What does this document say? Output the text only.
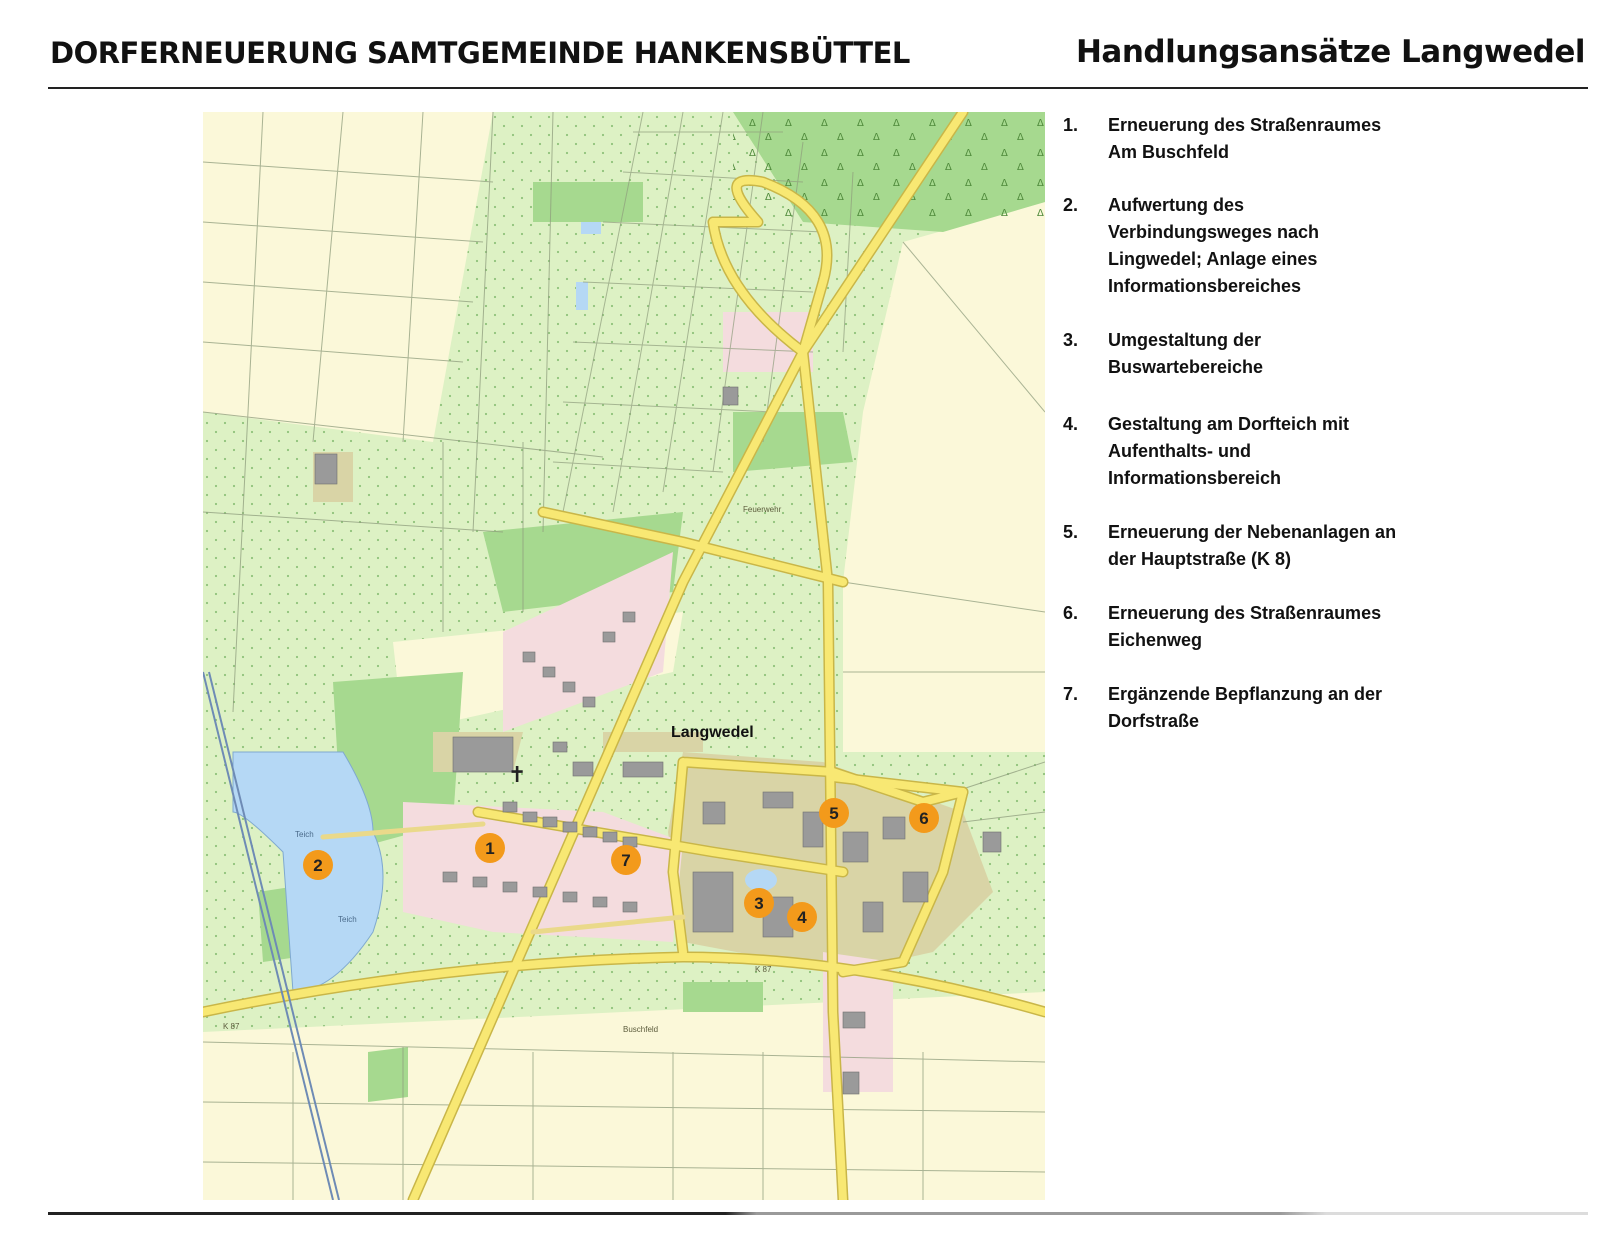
DORFERNEUERUNG SAMTGEMEINDE HANKENSBÜTTEL	Handlungsansätze Langwedel
Langwedel
K 87
K 87
Buschfeld
Feuerwehr
Teich
Teich
✝
1
2
3
4
5	6
7
1. Erneuerung des Straßenraumes
Am Buschfeld
2. Aufwertung des
Verbindungsweges nach
Lingwedel; Anlage eines
Informationsbereiches
3. Umgestaltung der
Buswartebereiche
4. Gestaltung am Dorfteich mit
Aufenthalts- und
Informationsbereich
5. Erneuerung der Nebenanlagen an
der Hauptstraße (K 8)
6. Erneuerung des Straßenraumes
Eichenweg
7. Ergänzende Bepflanzung an der
Dorfstraße
